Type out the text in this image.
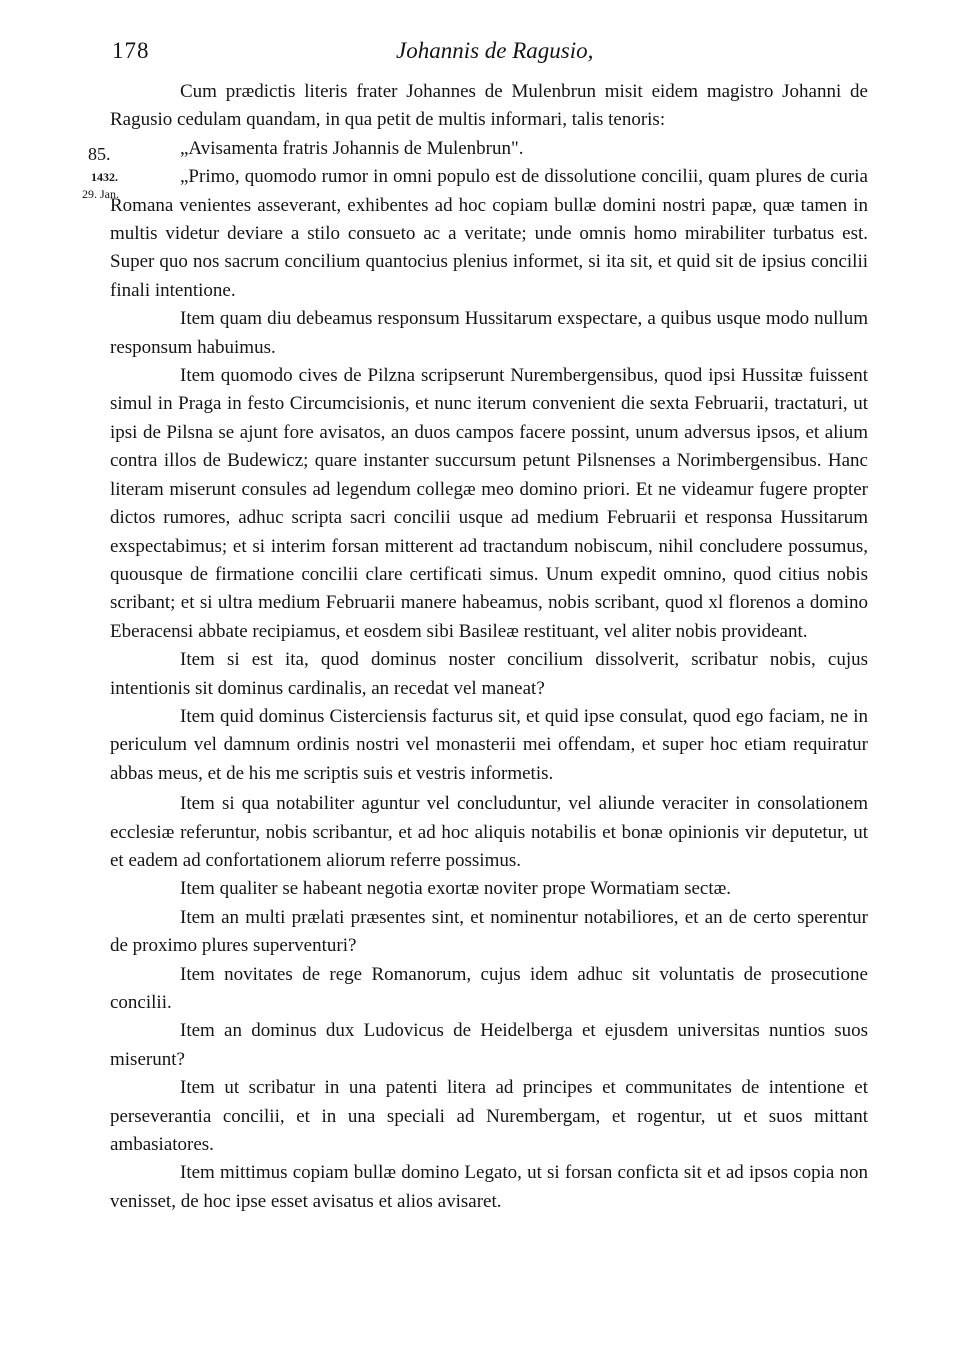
178	Johannis de Ragusio,
85.
1432.
29. Jan.

Cum prædictis literis frater Johannes de Mulenbrun misit eidem magistro Johanni de Ragusio cedulam quandam, in qua petit de multis informari, talis tenoris:

„Avisamenta fratris Johannis de Mulenbrun".

„Primo, quomodo rumor in omni populo est de dissolutione concilii, quam plures de curia Romana venientes asseverant, exhibentes ad hoc copiam bullæ domini nostri papæ, quæ tamen in multis videtur deviare a stilo consueto ac a veritate; unde omnis homo mirabiliter turbatus est. Super quo nos sacrum concilium quantocius plenius informet, si ita sit, et quid sit de ipsius concilii finali intentione.

Item quam diu debeamus responsum Hussitarum exspectare, a quibus usque modo nullum responsum habuimus.

Item quomodo cives de Pilzna scripserunt Nurembergensibus, quod ipsi Hussitæ fuissent simul in Praga in festo Circumcisionis, et nunc iterum convenient die sexta Februarii, tractaturi, ut ipsi de Pilsna se ajunt fore avisatos, an duos campos facere possint, unum adversus ipsos, et alium contra illos de Budewicz; quare instanter succursum petunt Pilsnenses a Norimbergensibus. Hanc literam miserunt consules ad legendum collegæ meo domino priori. Et ne videamur fugere propter dictos rumores, adhuc scripta sacri concilii usque ad medium Februarii et responsa Hussitarum exspectabimus; et si interim forsan mitterent ad tractandum nobiscum, nihil concludere possumus, quousque de firmatione concilii clare certificati simus. Unum expedit omnino, quod citius nobis scribant; et si ultra medium Februarii manere habeamus, nobis scribant, quod xl florenos a domino Eberacensi abbate recipiamus, et eosdem sibi Basileæ restituant, vel aliter nobis provideant.

Item si est ita, quod dominus noster concilium dissolverit, scribatur nobis, cujus intentionis sit dominus cardinalis, an recedat vel maneat?

Item quid dominus Cisterciensis facturus sit, et quid ipse consulat, quod ego faciam, ne in periculum vel damnum ordinis nostri vel monasterii mei offendam, et super hoc etiam requiratur abbas meus, et de his me scriptis suis et vestris informetis.

Item si qua notabiliter aguntur vel concluduntur, vel aliunde veraciter in consolationem ecclesiæ referuntur, nobis scribantur, et ad hoc aliquis notabilis et bonæ opinionis vir deputetur, ut et eadem ad confortationem aliorum referre possimus.

Item qualiter se habeant negotia exortæ noviter prope Wormatiam sectæ.

Item an multi prælati præsentes sint, et nominentur notabiliores, et an de certo sperentur de proximo plures superventuri?

Item novitates de rege Romanorum, cujus idem adhuc sit voluntatis de prosecutione concilii.

Item an dominus dux Ludovicus de Heidelberga et ejusdem universitas nuntios suos miserunt?

Item ut scribatur in una patenti litera ad principes et communitates de intentione et perseverantia concilii, et in una speciali ad Nurembergam, et rogentur, ut et suos mittant ambasiatores.

Item mittimus copiam bullæ domino Legato, ut si forsan conficta sit et ad ipsos copia non venisset, de hoc ipse esset avisatus et alios avisaret.
